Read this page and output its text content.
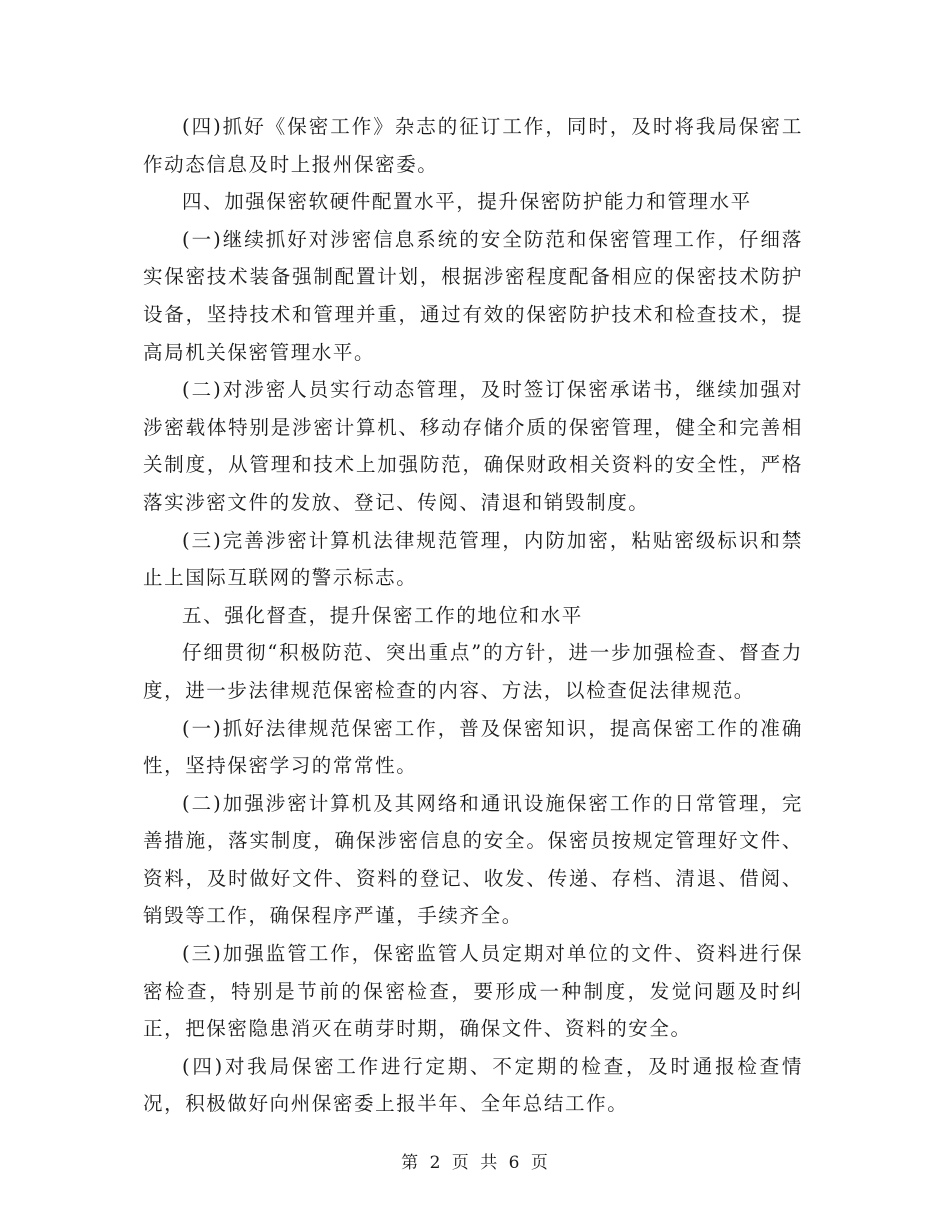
(四)抓好《保密工作》杂志的征订工作，同时，及时将我局保密工作动态信息及时上报州保密委。

四、加强保密软硬件配置水平，提升保密防护能力和管理水平

(一)继续抓好对涉密信息系统的安全防范和保密管理工作，仔细落实保密技术装备强制配置计划，根据涉密程度配备相应的保密技术防护设备，坚持技术和管理并重，通过有效的保密防护技术和检查技术，提高局机关保密管理水平。

(二)对涉密人员实行动态管理，及时签订保密承诺书，继续加强对涉密载体特别是涉密计算机、移动存储介质的保密管理，健全和完善相关制度，从管理和技术上加强防范，确保财政相关资料的安全性，严格落实涉密文件的发放、登记、传阅、清退和销毁制度。

(三)完善涉密计算机法律规范管理，内防加密，粘贴密级标识和禁止上国际互联网的警示标志。

五、强化督查，提升保密工作的地位和水平

仔细贯彻“积极防范、突出重点”的方针，进一步加强检查、督查力度，进一步法律规范保密检查的内容、方法，以检查促法律规范。

(一)抓好法律规范保密工作，普及保密知识，提高保密工作的准确性，坚持保密学习的常常性。

(二)加强涉密计算机及其网络和通讯设施保密工作的日常管理，完善措施，落实制度，确保涉密信息的安全。保密员按规定管理好文件、资料，及时做好文件、资料的登记、收发、传递、存档、清退、借阅、销毁等工作，确保程序严谨，手续齐全。

(三)加强监管工作，保密监管人员定期对单位的文件、资料进行保密检查，特别是节前的保密检查，要形成一种制度，发觉问题及时纠正，把保密隐患消灭在萌芽时期，确保文件、资料的安全。

(四)对我局保密工作进行定期、不定期的检查，及时通报检查情况，积极做好向州保密委上报半年、全年总结工作。

第 2 页 共 6 页
